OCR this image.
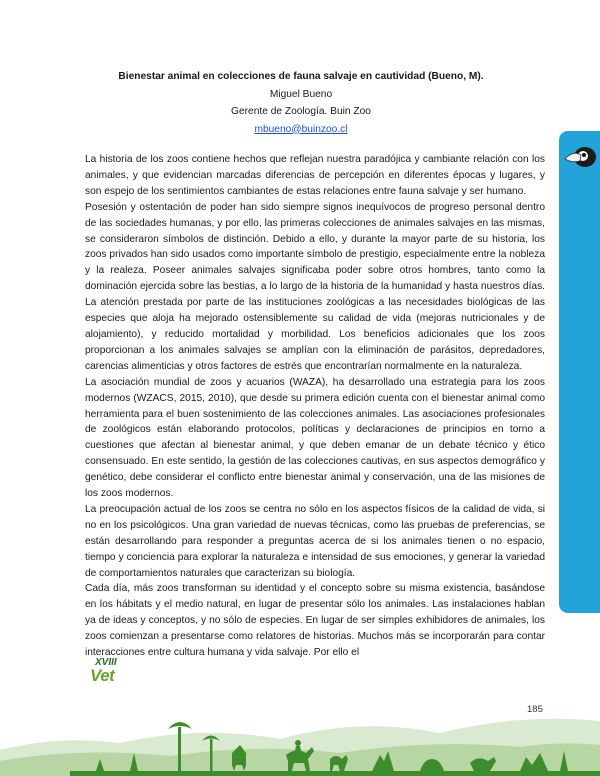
Bienestar animal en colecciones de fauna salvaje en cautividad (Bueno, M).
Miguel Bueno
Gerente de Zoología. Buin Zoo
mbueno@buinzoo.cl

La historia de los zoos contiene hechos que reflejan nuestra paradójica y cambiante relación con los animales, y que evidencian marcadas diferencias de percepción en diferentes épocas y lugares, y son espejo de los sentimientos cambiantes de estas relaciones entre fauna salvaje y ser humano.

Posesión y ostentación de poder han sido siempre signos inequívocos de progreso personal dentro de las sociedades humanas, y por ello, las primeras colecciones de animales salvajes en las mismas, se consideraron símbolos de distinción. Debido a ello, y durante la mayor parte de su historia, los zoos privados han sido usados como importante símbolo de prestigio, especialmente entre la nobleza y la realeza. Poseer animales salvajes significaba poder sobre otros hombres, tanto como la dominación ejercida sobre las bestias, a lo largo de la historia de la humanidad y hasta nuestros días. La atención prestada por parte de las instituciones zoológicas a las necesidades biológicas de las especies que aloja ha mejorado ostensiblemente su calidad de vida (mejoras nutricionales y de alojamiento), y reducido mortalidad y morbilidad. Los beneficios adicionales que los zoos proporcionan a los animales salvajes se amplían con la eliminación de parásitos, depredadores, carencias alimenticias y otros factores de estrés que encontrarían normalmente en la naturaleza.

La asociación mundial de zoos y acuarios (WAZA), ha desarrollado una estrategia para los zoos modernos (WZACS, 2015, 2010), que desde su primera edición cuenta con el bienestar animal como herramienta para el buen sostenimiento de las colecciones animales. Las asociaciones profesionales de zoológicos están elaborando protocolos, políticas y declaraciones de principios en torno a cuestiones que afectan al bienestar animal, y que deben emanar de un debate técnico y ético consensuado. En este sentido, la gestión de las colecciones cautivas, en sus aspectos demográfico y genético, debe considerar el conflicto entre bienestar animal y conservación, una de las misiones de los zoos modernos.

La preocupación actual de los zoos se centra no sólo en los aspectos físicos de la calidad de vida, si no en los psicológicos. Una gran variedad de nuevas técnicas, como las pruebas de preferencias, se están desarrollando para responder a preguntas acerca de si los animales tienen o no espacio, tiempo y conciencia para explorar la naturaleza e intensidad de sus emociones, y generar la variedad de comportamientos naturales que caracterizan su biología.

Cada día, más zoos transforman su identidad y el concepto sobre su misma existencia, basándose en los hábitats y el medio natural, en lugar de presentar sólo los animales. Las instalaciones hablan ya de ideas y conceptos, y no sólo de especies. En lugar de ser simples exhibidores de animales, los zoos comienzan a presentarse como relatores de historias. Muchos más se incorporarán para contar interacciones entre cultura humana y vida salvaje. Por ello el

XVIII
Vet
185
